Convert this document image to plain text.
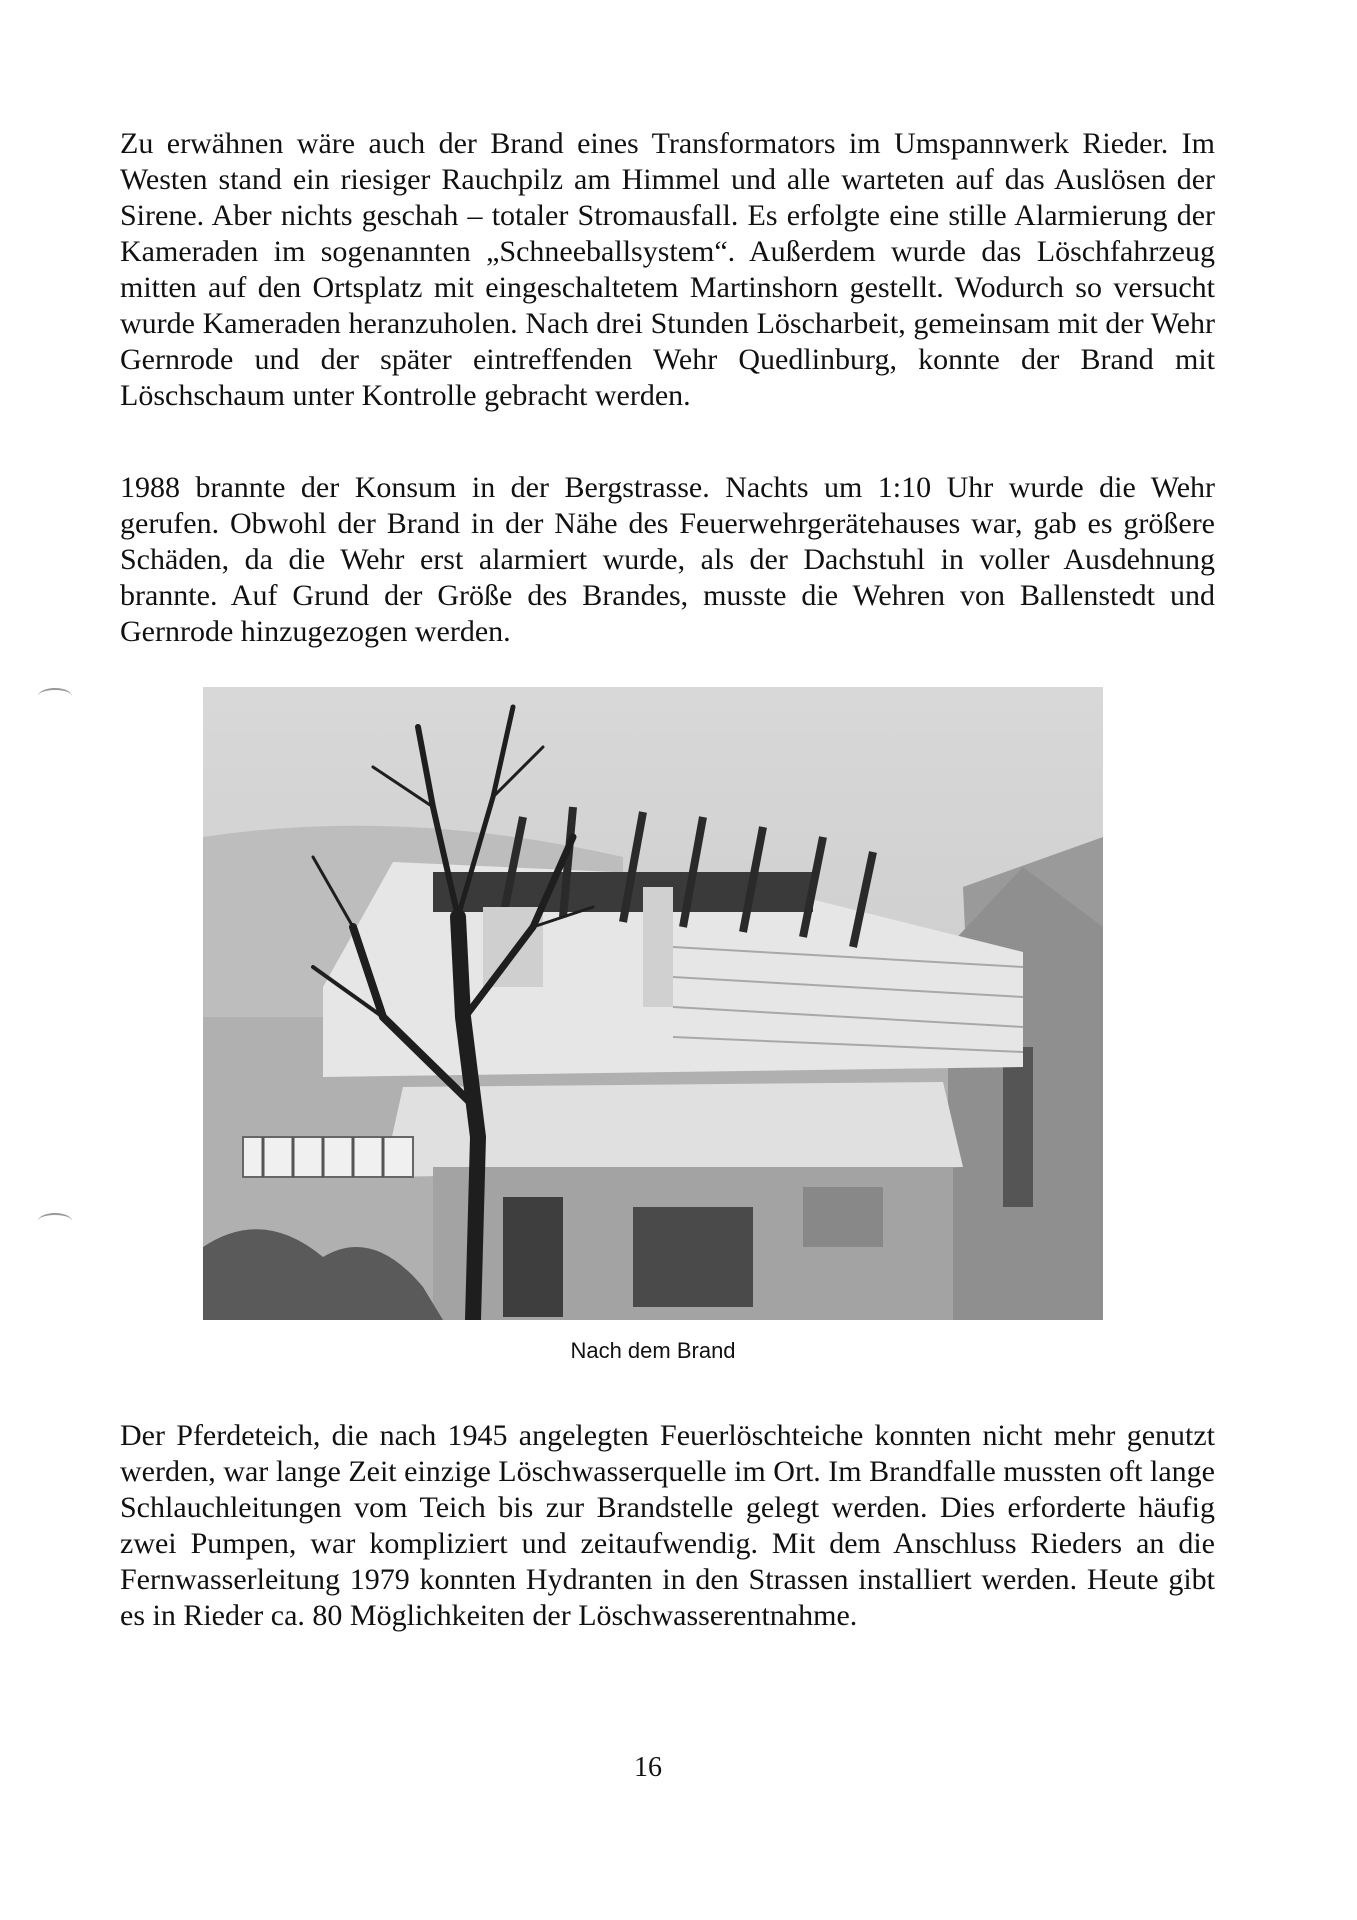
Zu erwähnen wäre auch der Brand eines Transformators im Umspannwerk Rieder. Im Westen stand ein riesiger Rauchpilz am Himmel und alle warteten auf das Auslösen der Sirene. Aber nichts geschah – totaler Stromausfall. Es erfolgte eine stille Alarmierung der Kameraden im sogenannten „Schneeballsystem“. Außerdem wurde das Löschfahrzeug mitten auf den Ortsplatz mit eingeschaltetem Martinshorn gestellt. Wodurch so versucht wurde Kameraden heranzuholen. Nach drei Stunden Löscharbeit, gemeinsam mit der Wehr Gernrode und der später eintreffenden Wehr Quedlinburg, konnte der Brand mit Löschschaum unter Kontrolle gebracht werden.

1988 brannte der Konsum in der Bergstrasse. Nachts um 1:10 Uhr wurde die Wehr gerufen. Obwohl der Brand in der Nähe des Feuerwehrgerätehauses war, gab es größere Schäden, da die Wehr erst alarmiert wurde, als der Dachstuhl in voller Ausdehnung brannte. Auf Grund der Größe des Brandes, musste die Wehren von Ballenstedt und Gernrode hinzugezogen werden.

Nach dem Brand

Der Pferdeteich, die nach 1945 angelegten Feuerlöschteiche konnten nicht mehr genutzt werden, war lange Zeit einzige Löschwasserquelle im Ort. Im Brandfalle mussten oft lange Schlauchleitungen vom Teich bis zur Brandstelle gelegt werden. Dies erforderte häufig zwei Pumpen, war kompliziert und zeitaufwendig. Mit dem Anschluss Rieders an die Fernwasserleitung 1979 konnten Hydranten in den Strassen installiert werden. Heute gibt es in Rieder ca. 80 Möglichkeiten der Löschwasserentnahme.

16
